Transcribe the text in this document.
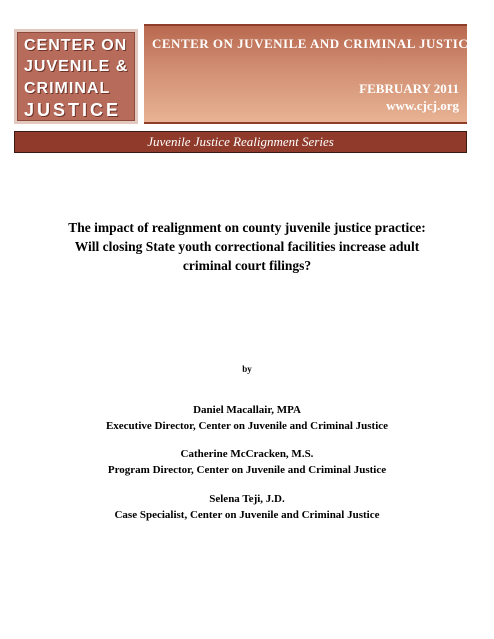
CENTER ON
JUVENILE &
CRIMINAL
JUSTICE
CENTER ON JUVENILE AND CRIMINAL JUSTICE
FEBRUARY 2011
www.cjcj.org
Juvenile Justice Realignment Series
The impact of realignment on county juvenile justice practice:
Will closing State youth correctional facilities increase adult
criminal court filings?
by
Daniel Macallair, MPA
Executive Director, Center on Juvenile and Criminal Justice
Catherine McCracken, M.S.
Program Director, Center on Juvenile and Criminal Justice
Selena Teji, J.D.
Case Specialist, Center on Juvenile and Criminal Justice
